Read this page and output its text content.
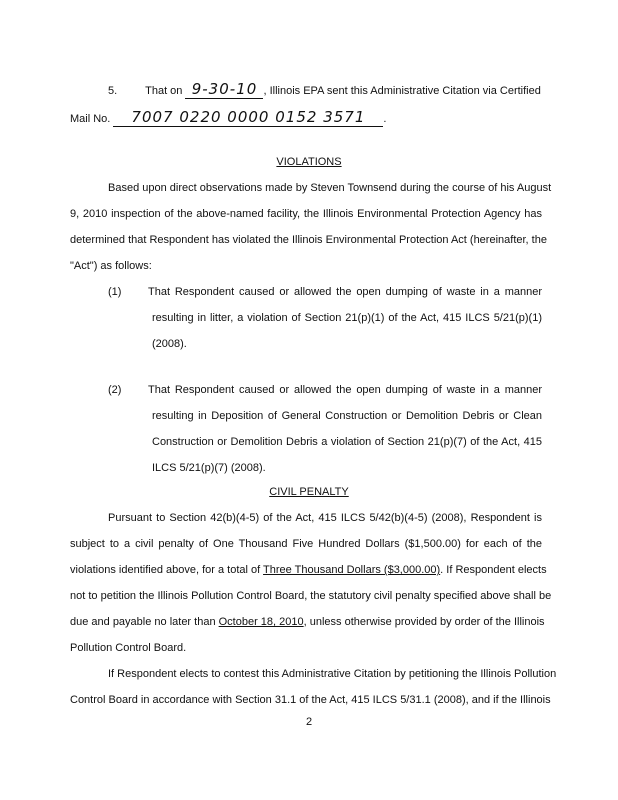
5.	That on 9-30-10 , Illinois EPA sent this Administrative Citation via Certified
Mail No. 7007 0220 0000 0152 3571 .
VIOLATIONS
Based upon direct observations made by Steven Townsend during the course of his August
9, 2010 inspection of the above-named facility, the Illinois Environmental Protection Agency has
determined that Respondent has violated the Illinois Environmental Protection Act (hereinafter, the
"Act") as follows:
(1) That Respondent caused or allowed the open dumping of waste in a manner
resulting in litter, a violation of Section 21(p)(1) of the Act, 415 ILCS 5/21(p)(1)
(2008).
(2) That Respondent caused or allowed the open dumping of waste in a manner
resulting in Deposition of General Construction or Demolition Debris or Clean
Construction or Demolition Debris a violation of Section 21(p)(7) of the Act, 415
ILCS 5/21(p)(7) (2008).
CIVIL PENALTY
Pursuant to Section 42(b)(4-5) of the Act, 415 ILCS 5/42(b)(4-5) (2008), Respondent is
subject to a civil penalty of One Thousand Five Hundred Dollars ($1,500.00) for each of the
violations identified above, for a total of Three Thousand Dollars ($3,000.00). If Respondent elects
not to petition the Illinois Pollution Control Board, the statutory civil penalty specified above shall be
due and payable no later than October 18, 2010, unless otherwise provided by order of the Illinois
Pollution Control Board.
If Respondent elects to contest this Administrative Citation by petitioning the Illinois Pollution
Control Board in accordance with Section 31.1 of the Act, 415 ILCS 5/31.1 (2008), and if the Illinois
2
